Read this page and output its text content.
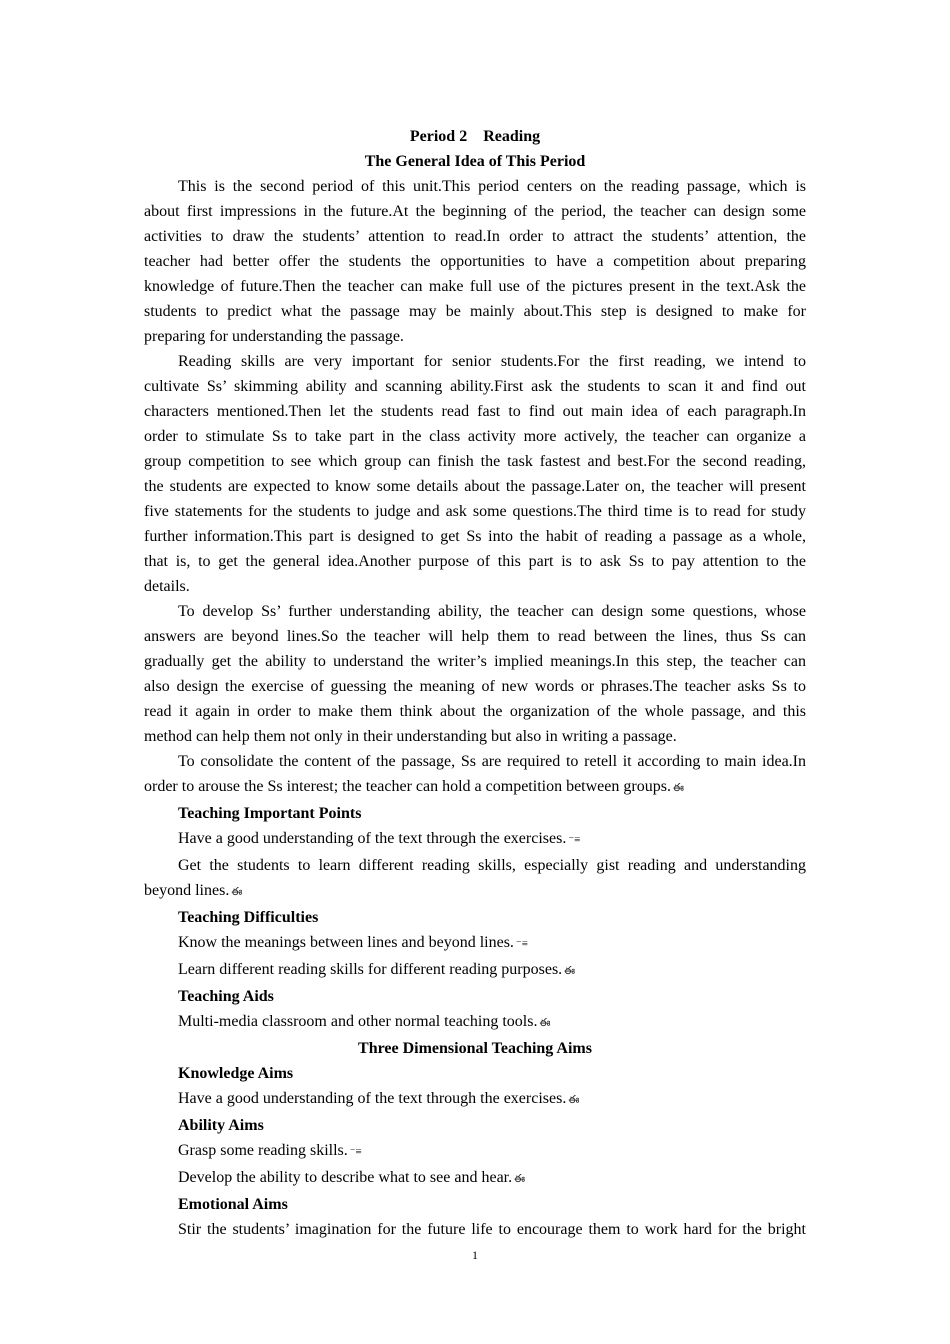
Period 2　Reading
The General Idea of This Period
This is the second period of this unit.This period centers on the reading passage, which is
about first impressions in the future.At the beginning of the period, the teacher can design some
activities to draw the students’ attention to read.In order to attract the students’ attention, the
teacher had better offer the students the opportunities to have a competition about preparing
knowledge of future.Then the teacher can make full use of the pictures present in the text.Ask the
students to predict what the passage may be mainly about.This step is designed to make for
preparing for understanding the passage.
Reading skills are very important for senior students.For the first reading, we intend to
cultivate Ss’ skimming ability and scanning ability.First ask the students to scan it and find out
characters mentioned.Then let the students read fast to find out main idea of each paragraph.In
order to stimulate Ss to take part in the class activity more actively, the teacher can organize a
group competition to see which group can finish the task fastest and best.For the second reading,
the students are expected to know some details about the passage.Later on, the teacher will present
five statements for the students to judge and ask some questions.The third time is to read for study
further information.This part is designed to get Ss into the habit of reading a passage as a whole,
that is, to get the general idea.Another purpose of this part is to ask Ss to pay attention to the
details.
To develop Ss’ further understanding ability, the teacher can design some questions, whose
answers are beyond lines.So the teacher will help them to read between the lines, thus Ss can
gradually get the ability to understand the writer’s implied meanings.In this step, the teacher can
also design the exercise of guessing the meaning of new words or phrases.The teacher asks Ss to
read it again in order to make them think about the organization of the whole passage, and this
method can help them not only in their understanding but also in writing a passage.
To consolidate the content of the passage, Ss are required to retell it according to main idea.In
order to arouse the Ss interest; the teacher can hold a competition between groups. ఈ
Teaching Important Points
Have a good understanding of the text through the exercises. ⁻≡
Get the students to learn different reading skills, especially gist reading and understanding
beyond lines. ఈ
Teaching Difficulties
Know the meanings between lines and beyond lines. ⁻≡
Learn different reading skills for different reading purposes. ఈ
Teaching Aids
Multi-media classroom and other normal teaching tools. ఈ
Three Dimensional Teaching Aims
Knowledge Aims
Have a good understanding of the text through the exercises. ఈ
Ability Aims
Grasp some reading skills. ⁻≡
Develop the ability to describe what to see and hear. ఈ
Emotional Aims
Stir the students’ imagination for the future life to encourage them to work hard for the bright
1
